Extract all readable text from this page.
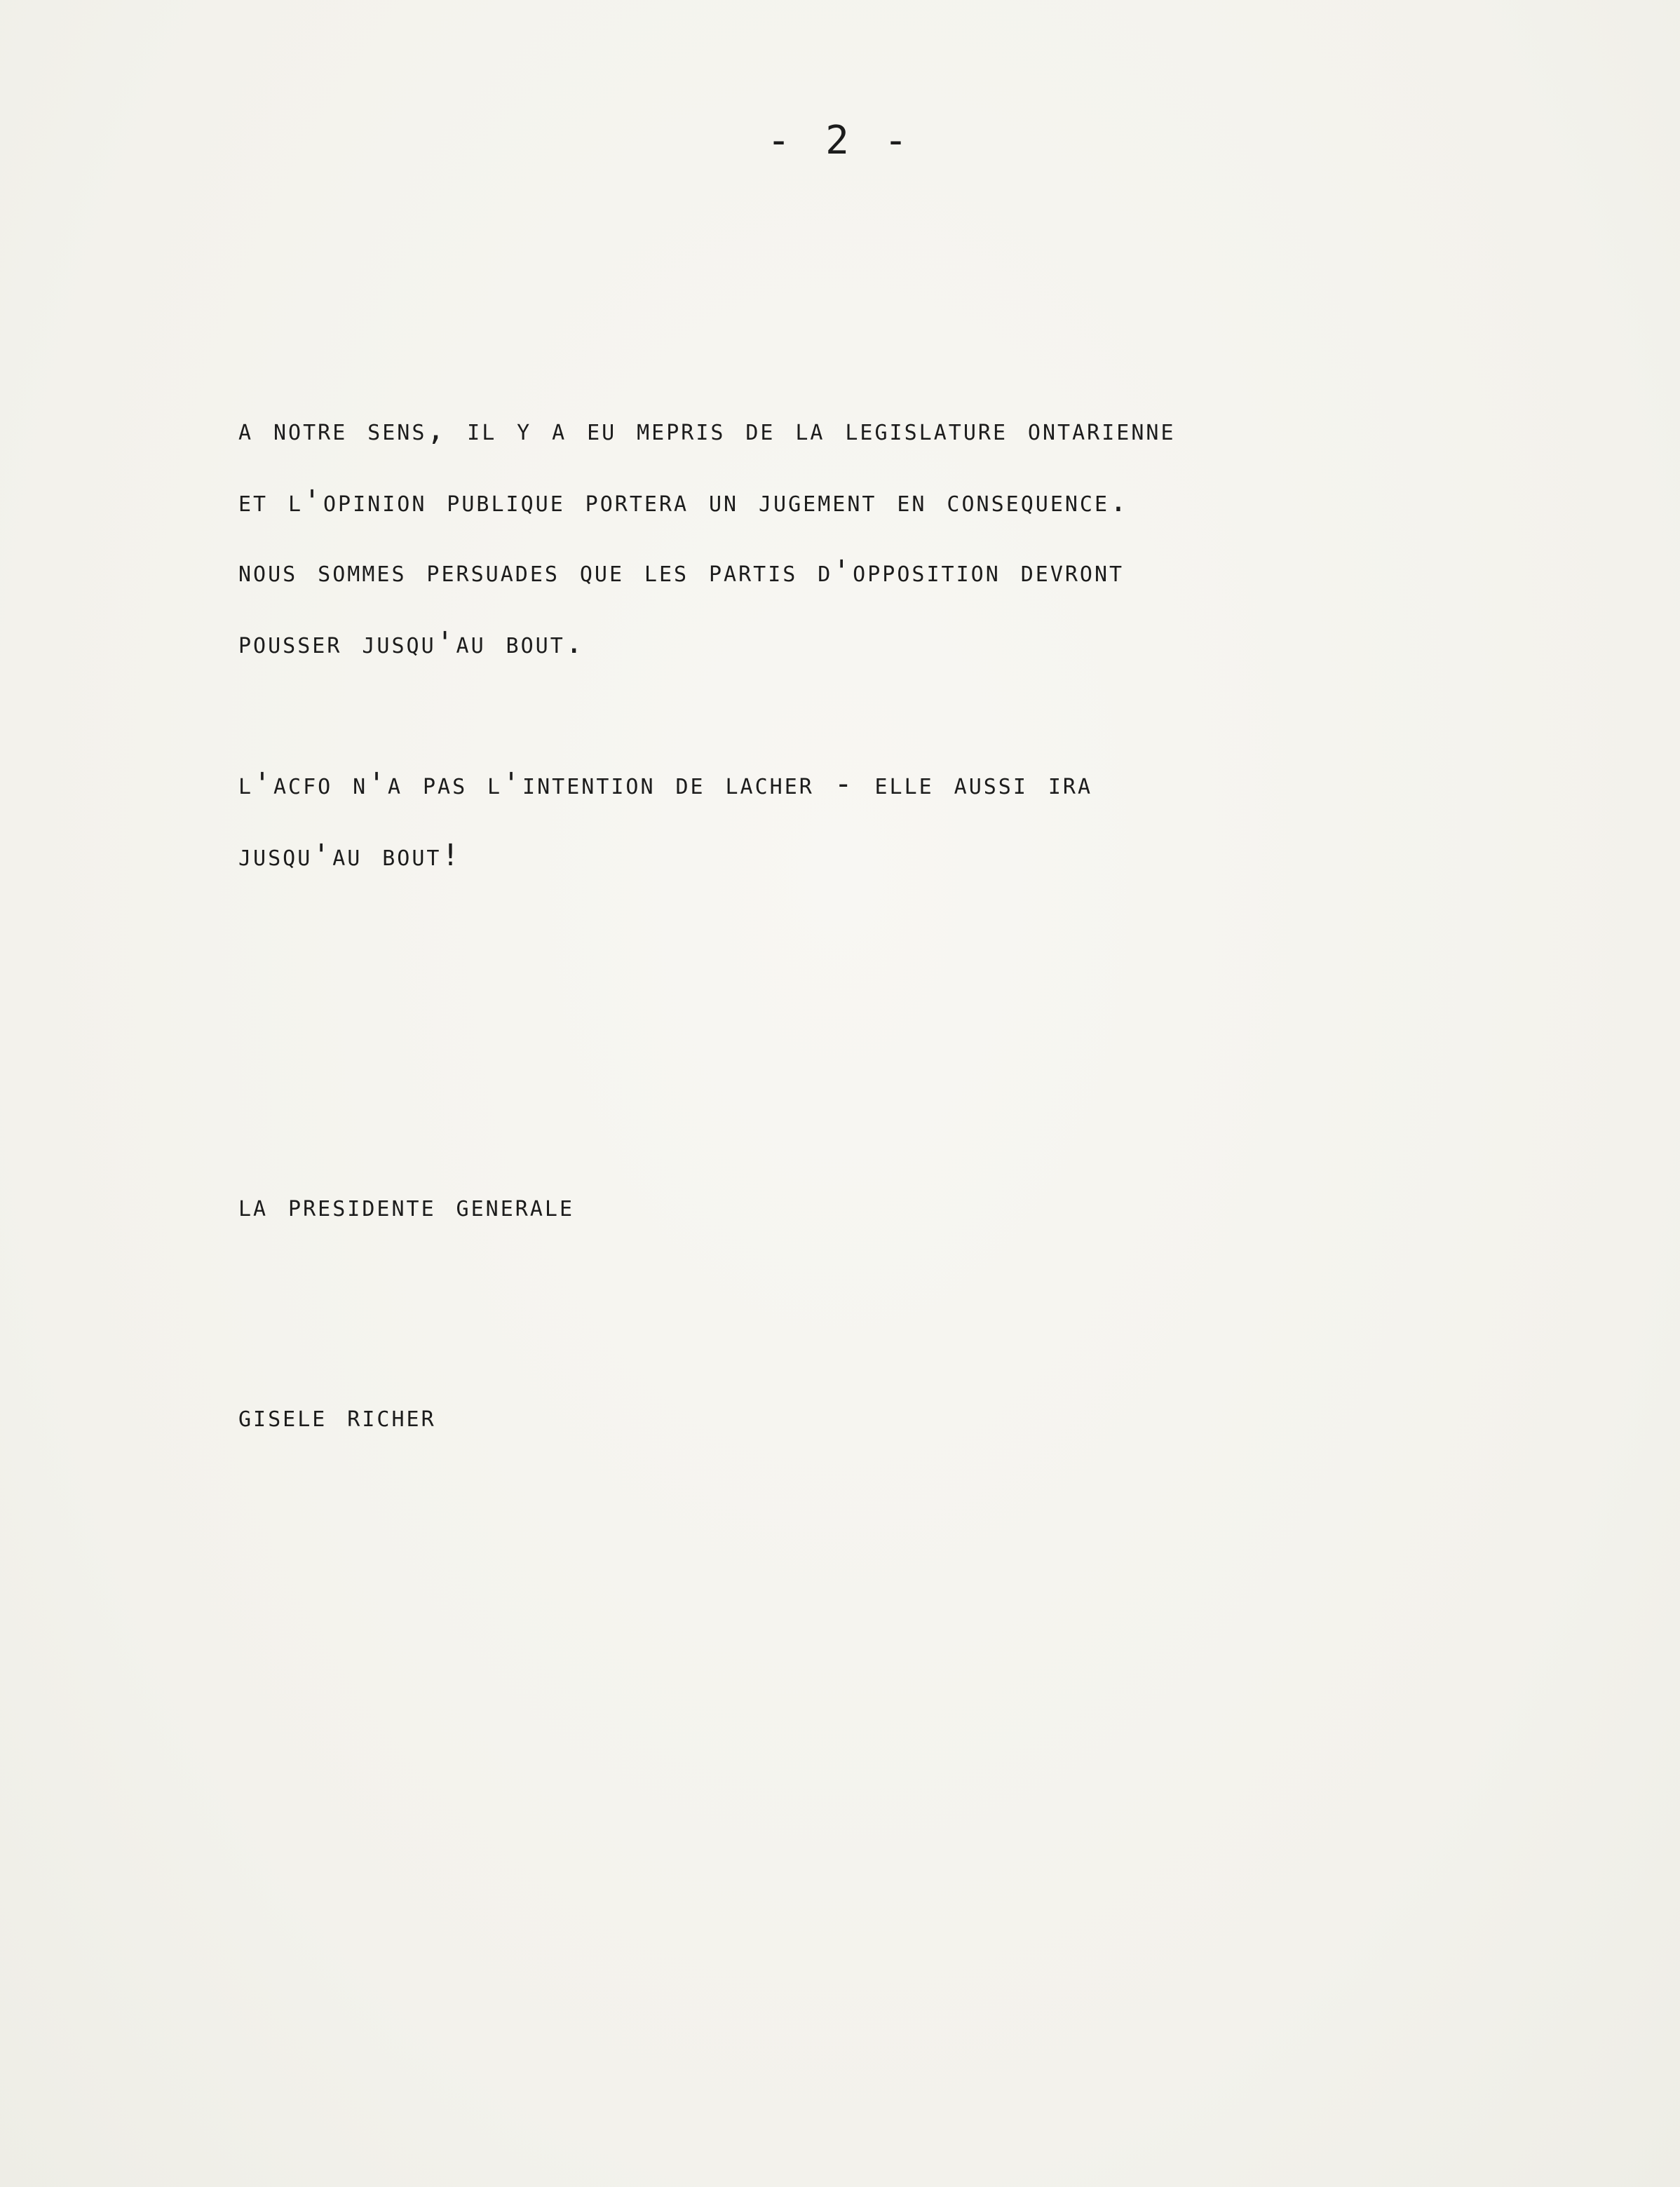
- 2 -
a notre sens, il y a eu mepris de la legislature ontarienne
et l'opinion publique portera un jugement en consequence.
nous sommes persuades que les partis d'opposition devront
pousser jusqu'au bout.
l'acfo n'a pas l'intention de lacher - elle aussi ira
jusqu'au bout!
la presidente generale
gisele richer
